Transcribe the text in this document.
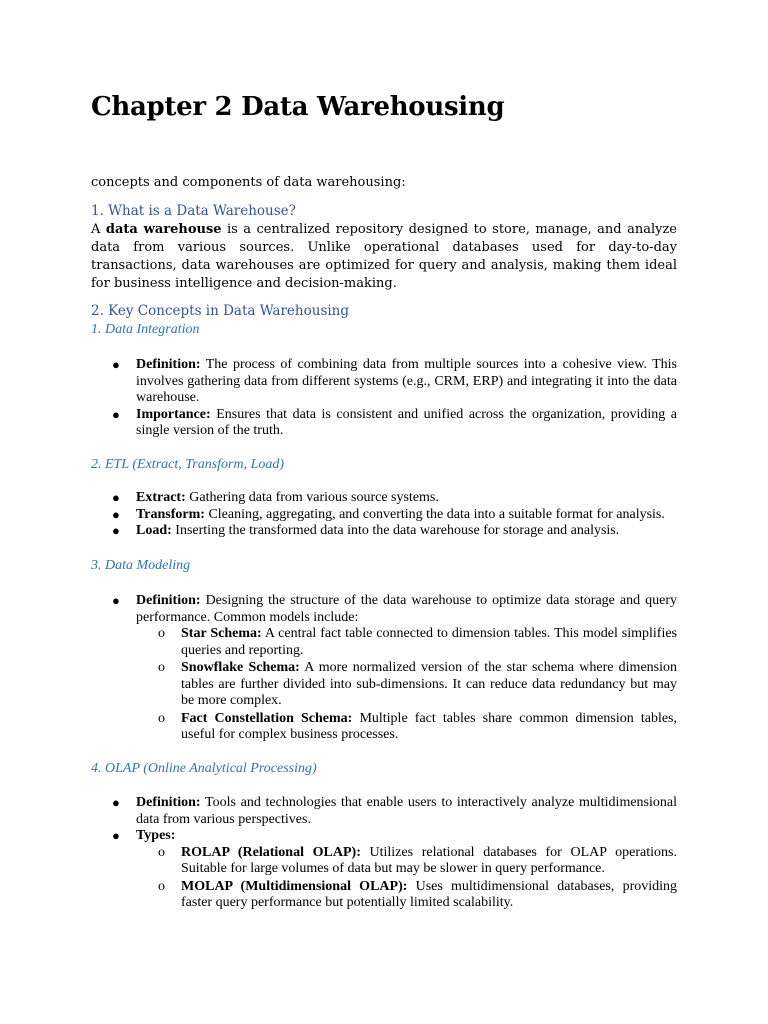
Chapter 2 Data Warehousing

concepts and components of data warehousing:

1. What is a Data Warehouse?

A data warehouse is a centralized repository designed to store, manage, and analyze data from various sources. Unlike operational databases used for day-to-day transactions, data warehouses are optimized for query and analysis, making them ideal for business intelligence and decision-making.

2. Key Concepts in Data Warehousing
1. Data Integration
● Definition: The process of combining data from multiple sources into a cohesive view. This involves gathering data from different systems (e.g., CRM, ERP) and integrating it into the data warehouse.
● Importance: Ensures that data is consistent and unified across the organization, providing a single version of the truth.
2. ETL (Extract, Transform, Load)
● Extract: Gathering data from various source systems.
● Transform: Cleaning, aggregating, and converting the data into a suitable format for analysis.
● Load: Inserting the transformed data into the data warehouse for storage and analysis.
3. Data Modeling
● Definition: Designing the structure of the data warehouse to optimize data storage and query performance. Common models include:
o Star Schema: A central fact table connected to dimension tables. This model simplifies queries and reporting.
o Snowflake Schema: A more normalized version of the star schema where dimension tables are further divided into sub-dimensions. It can reduce data redundancy but may be more complex.
o Fact Constellation Schema: Multiple fact tables share common dimension tables, useful for complex business processes.
4. OLAP (Online Analytical Processing)
● Definition: Tools and technologies that enable users to interactively analyze multidimensional data from various perspectives.
● Types:
o ROLAP (Relational OLAP): Utilizes relational databases for OLAP operations. Suitable for large volumes of data but may be slower in query performance.
o MOLAP (Multidimensional OLAP): Uses multidimensional databases, providing faster query performance but potentially limited scalability.
